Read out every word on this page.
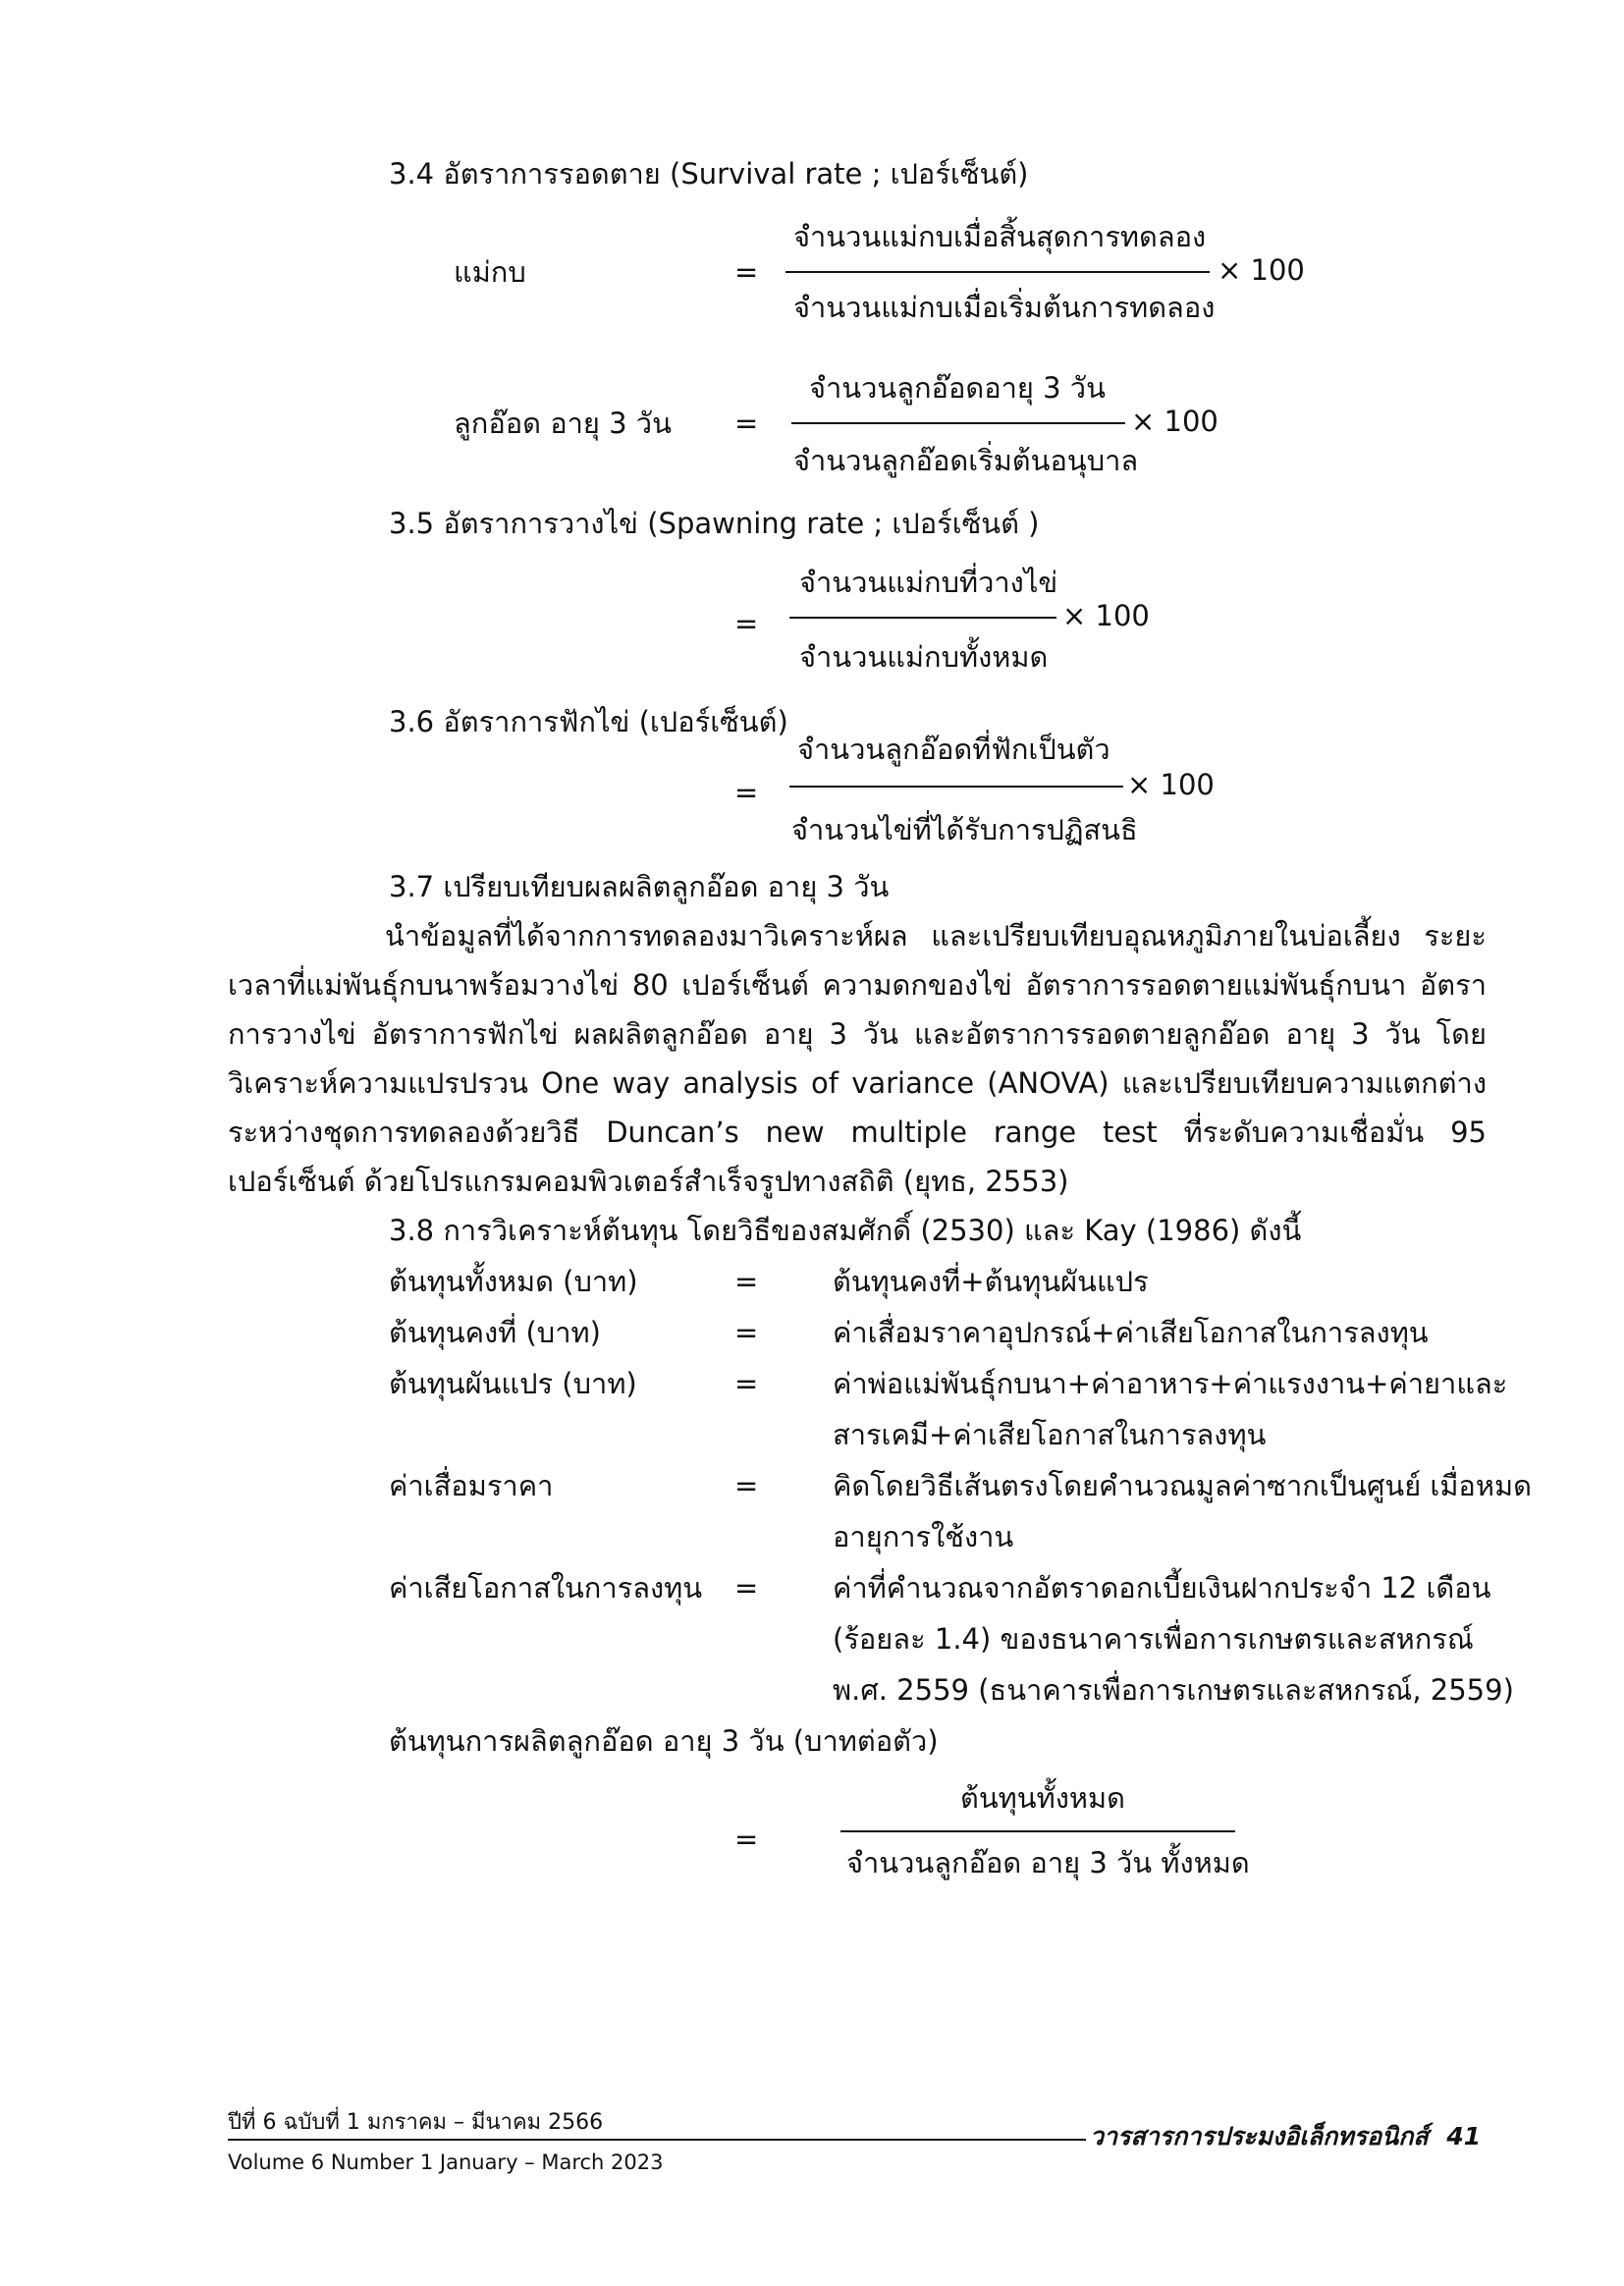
3.4 อัตราการรอดตาย (Survival rate ; เปอร์เซ็นต์)
แม่กบ	=
จำนวนแม่กบเมื่อสิ้นสุดการทดลอง
จำนวนแม่กบเมื่อเริ่มต้นการทดลอง
× 100
ลูกอ๊อด อายุ 3 วัน =
จำนวนลูกอ๊อดอายุ 3 วัน
จำนวนลูกอ๊อดเริ่มต้นอนุบาล
× 100
3.5 อัตราการวางไข่ (Spawning rate ; เปอร์เซ็นต์ )
=
จำนวนแม่กบที่วางไข่
จำนวนแม่กบทั้งหมด
× 100
3.6 อัตราการฟักไข่ (เปอร์เซ็นต์)
=
จำนวนลูกอ๊อดที่ฟักเป็นตัว
จำนวนไข่ที่ได้รับการปฏิสนธิ
× 100
3.7 เปรียบเทียบผลผลิตลูกอ๊อด อายุ 3 วัน

นำข้อมูลที่ได้จากการทดลองมาวิเคราะห์ผล และเปรียบเทียบอุณหภูมิภายในบ่อเลี้ยง ระยะเวลาที่แม่พันธุ์กบนาพร้อมวางไข่ 80 เปอร์เซ็นต์ ความดกของไข่ อัตราการรอดตายแม่พันธุ์กบนา อัตราการวางไข่ อัตราการฟักไข่ ผลผลิตลูกอ๊อด อายุ 3 วัน และอัตราการรอดตายลูกอ๊อด อายุ 3 วัน โดยวิเคราะห์ความแปรปรวน One way analysis of variance (ANOVA) และเปรียบเทียบความแตกต่าง ระหว่างชุดการทดลองด้วยวิธี Duncan’s new multiple range test ที่ระดับความเชื่อมั่น 95 เปอร์เซ็นต์ ด้วยโปรแกรมคอมพิวเตอร์สำเร็จรูปทางสถิติ (ยุทธ, 2553)

3.8 การวิเคราะห์ต้นทุน โดยวิธีของสมศักดิ์ (2530) และ Kay (1986) ดังนี้
ต้นทุนทั้งหมด (บาท)	=	ต้นทุนคงที่+ต้นทุนผันแปร
ต้นทุนคงที่ (บาท)	=	ค่าเสื่อมราคาอุปกรณ์+ค่าเสียโอกาสในการลงทุน
ต้นทุนผันแปร (บาท)	=	ค่าพ่อแม่พันธุ์กบนา+ค่าอาหาร+ค่าแรงงาน+ค่ายาและ
สารเคมี+ค่าเสียโอกาสในการลงทุน
ค่าเสื่อมราคา	=	คิดโดยวิธีเส้นตรงโดยคำนวณมูลค่าซากเป็นศูนย์ เมื่อหมด
อายุการใช้งาน
ค่าเสียโอกาสในการลงทุน =	ค่าที่คำนวณจากอัตราดอกเบี้ยเงินฝากประจำ 12 เดือน
(ร้อยละ 1.4) ของธนาคารเพื่อการเกษตรและสหกรณ์
พ.ศ. 2559 (ธนาคารเพื่อการเกษตรและสหกรณ์, 2559)
ต้นทุนการผลิตลูกอ๊อด อายุ 3 วัน (บาทต่อตัว)
=
ต้นทุนทั้งหมด
จำนวนลูกอ๊อด อายุ 3 วัน ทั้งหมด
ปีที่ 6 ฉบับที่ 1 มกราคม – มีนาคม 2566	วารสารการประมงอิเล็กทรอนิกส์ 41
Volume 6 Number 1 January – March 2023
